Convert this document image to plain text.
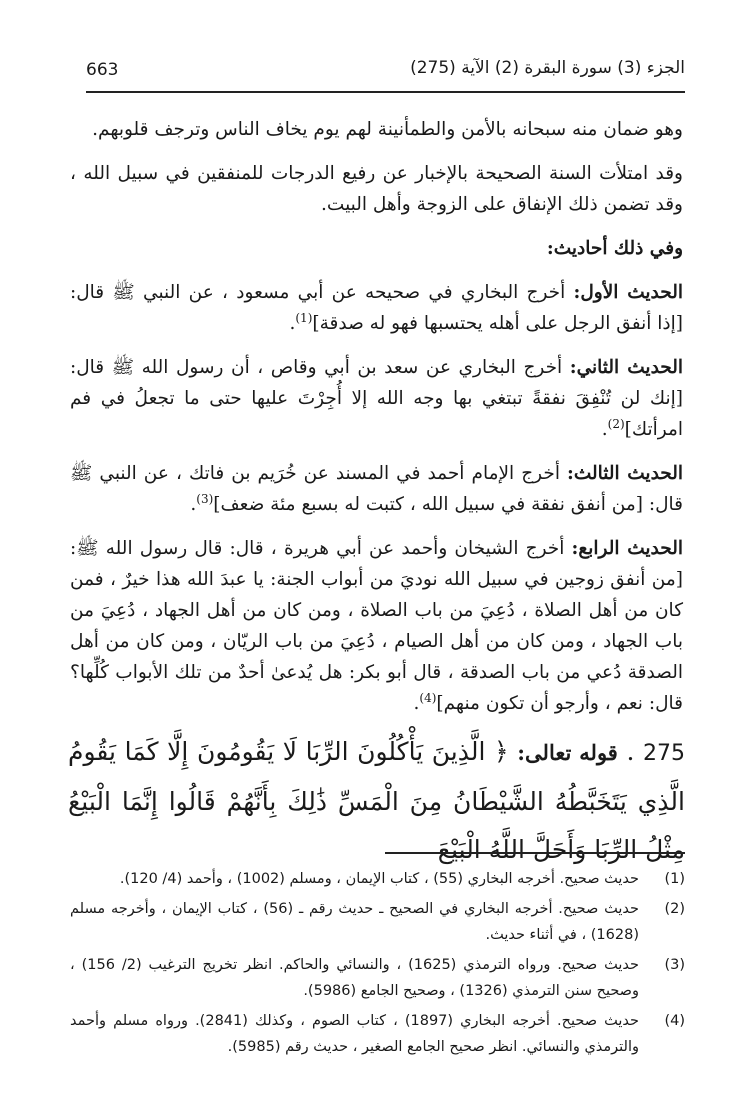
663	الجزء (3) سورة البقرة (2) الآية (275)

وهو ضمان منه سبحانه بالأمن والطمأنينة لهم يوم يخاف الناس وترجف قلوبهم.

وقد امتلأت السنة الصحيحة بالإخبار عن رفيع الدرجات للمنفقين في سبيل الله ، وقد تضمن ذلك الإنفاق على الزوجة وأهل البيت.

وفي ذلك أحاديث:

الحديث الأول: أخرج البخاري في صحيحه عن أبي مسعود ، عن النبي ﷺ قال: [إذا أنفق الرجل على أهله يحتسبها فهو له صدقة]$^{(1)}$.

الحديث الثاني: أخرج البخاري عن سعد بن أبي وقاص ، أن رسول الله ﷺ قال: [إنك لن تُنْفِقَ نفقةً تبتغي بها وجه الله إلا أُجِرْتَ عليها حتى ما تجعلُ في فم امرأتك]$^{(2)}$.

الحديث الثالث: أخرج الإمام أحمد في المسند عن خُرَيم بن فاتك ، عن النبي ﷺ قال: [من أنفق نفقة في سبيل الله ، كتبت له بسبع مئة ضعف]$^{(3)}$.

الحديث الرابع: أخرج الشيخان وأحمد عن أبي هريرة ، قال: قال رسول الله ﷺ: [من أنفق زوجين في سبيل الله نوديَ من أبواب الجنة: يا عبدَ الله هذا خيرٌ ، فمن كان من أهل الصلاة ، دُعِيَ من باب الصلاة ، ومن كان من أهل الجهاد ، دُعِيَ من باب الجهاد ، ومن كان من أهل الصيام ، دُعِيَ من باب الريّان ، ومن كان من أهل الصدقة دُعي من باب الصدقة ، قال أبو بكر: هل يُدعىٰ أحدٌ من تلك الأبواب كُلِّها؟ قال: نعم ، وأرجو أن تكون منهم]$^{(4)}$.

275 . قوله تعالى: ﴿ الَّذِينَ يَأْكُلُونَ الرِّبَا لَا يَقُومُونَ إِلَّا كَمَا يَقُومُ الَّذِي يَتَخَبَّطُهُ الشَّيْطَانُ مِنَ الْمَسِّ ذَٰلِكَ بِأَنَّهُمْ قَالُوا إِنَّمَا الْبَيْعُ مِثْلُ الرِّبَا وَأَحَلَّ اللَّهُ الْبَيْعَ
(1)
حديث صحيح. أخرجه البخاري (55) ، كتاب الإيمان ، ومسلم (1002) ، وأحمد (4/ 120).
(2)
حديث صحيح. أخرجه البخاري في الصحيح ـ حديث رقم ـ (56) ، كتاب الإيمان ، وأخرجه مسلم (1628) ، في أثناء حديث.
(3)
حديث صحيح. ورواه الترمذي (1625) ، والنسائي والحاكم. انظر تخريج الترغيب (2/ 156) ، وصحيح سنن الترمذي (1326) ، وصحيح الجامع (5986).
(4)
حديث صحيح. أخرجه البخاري (1897) ، كتاب الصوم ، وكذلك (2841). ورواه مسلم وأحمد والترمذي والنسائي. انظر صحيح الجامع الصغير ، حديث رقم (5985).
